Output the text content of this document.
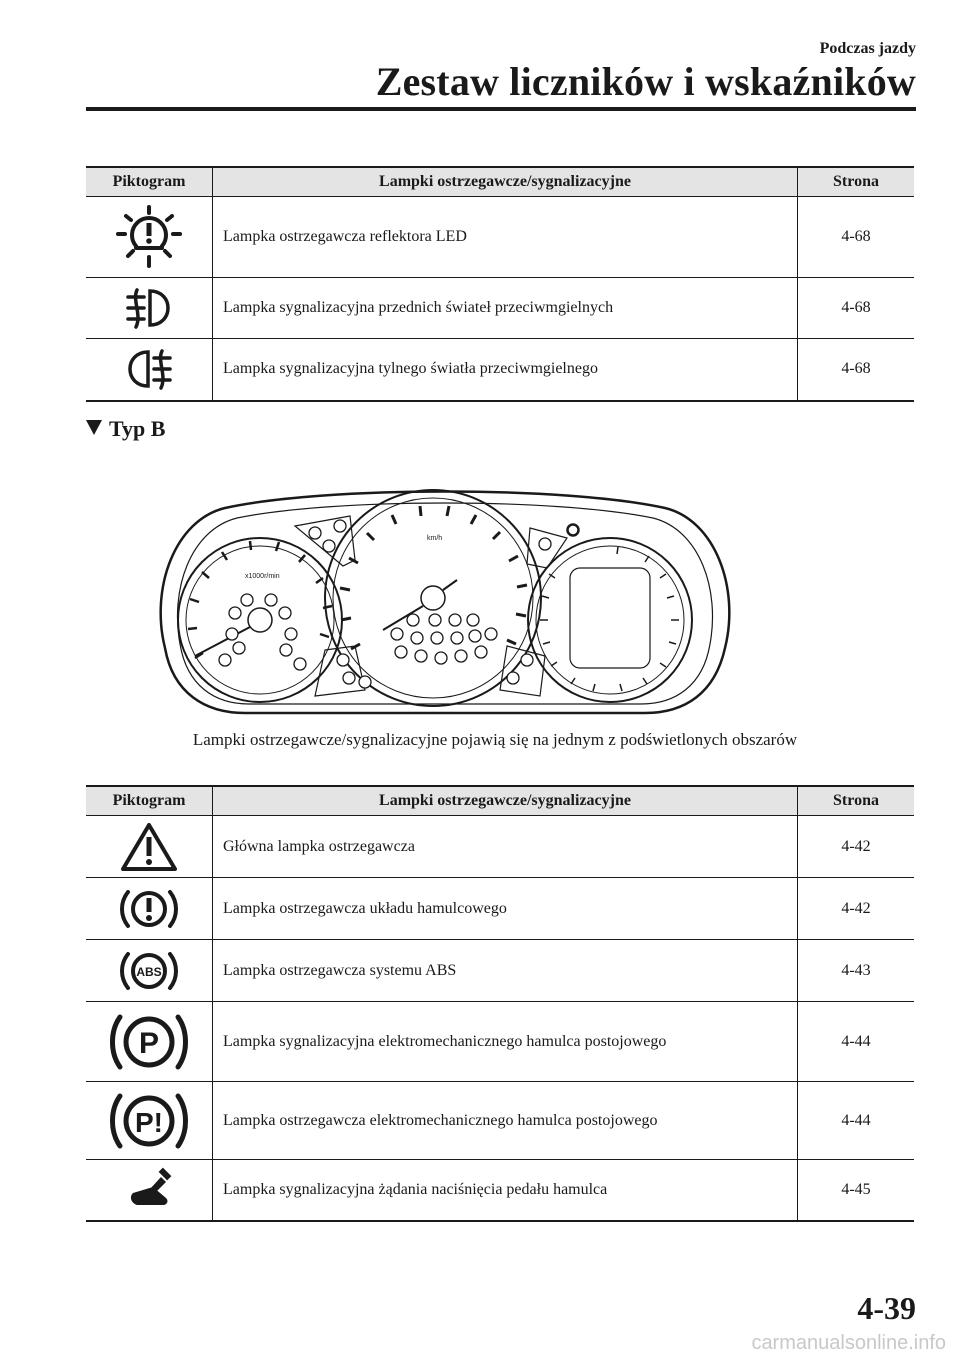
Podczas jazdy
Zestaw liczników i wskaźników
Piktogram	Lampki ostrzegawcze/sygnalizacyjne	Strona

	Lampka ostrzegawcza reflektora LED	4-68

	Lampka sygnalizacyjna przednich świateł przeciwmgielnych	4-68

	Lampka sygnalizacyjna tylnego światła przeciwmgielnego	4-68
Typ B
x1000r/min
km/h
Lampki ostrzegawcze/sygnalizacyjne pojawią się na jednym z podświetlonych obszarów
Piktogram	Lampki ostrzegawcze/sygnalizacyjne	Strona

	Główna lampka ostrzegawcza	4-42

	Lampka ostrzegawcza układu hamulcowego	4-42

ABS	Lampka ostrzegawcza systemu ABS	4-43

P	Lampka sygnalizacyjna elektromechanicznego hamulca postojowego	4-44

P!	Lampka ostrzegawcza elektromechanicznego hamulca postojowego	4-44

	Lampka sygnalizacyjna żądania naciśnięcia pedału hamulca	4-45
4-39
carmanualsonline.info
